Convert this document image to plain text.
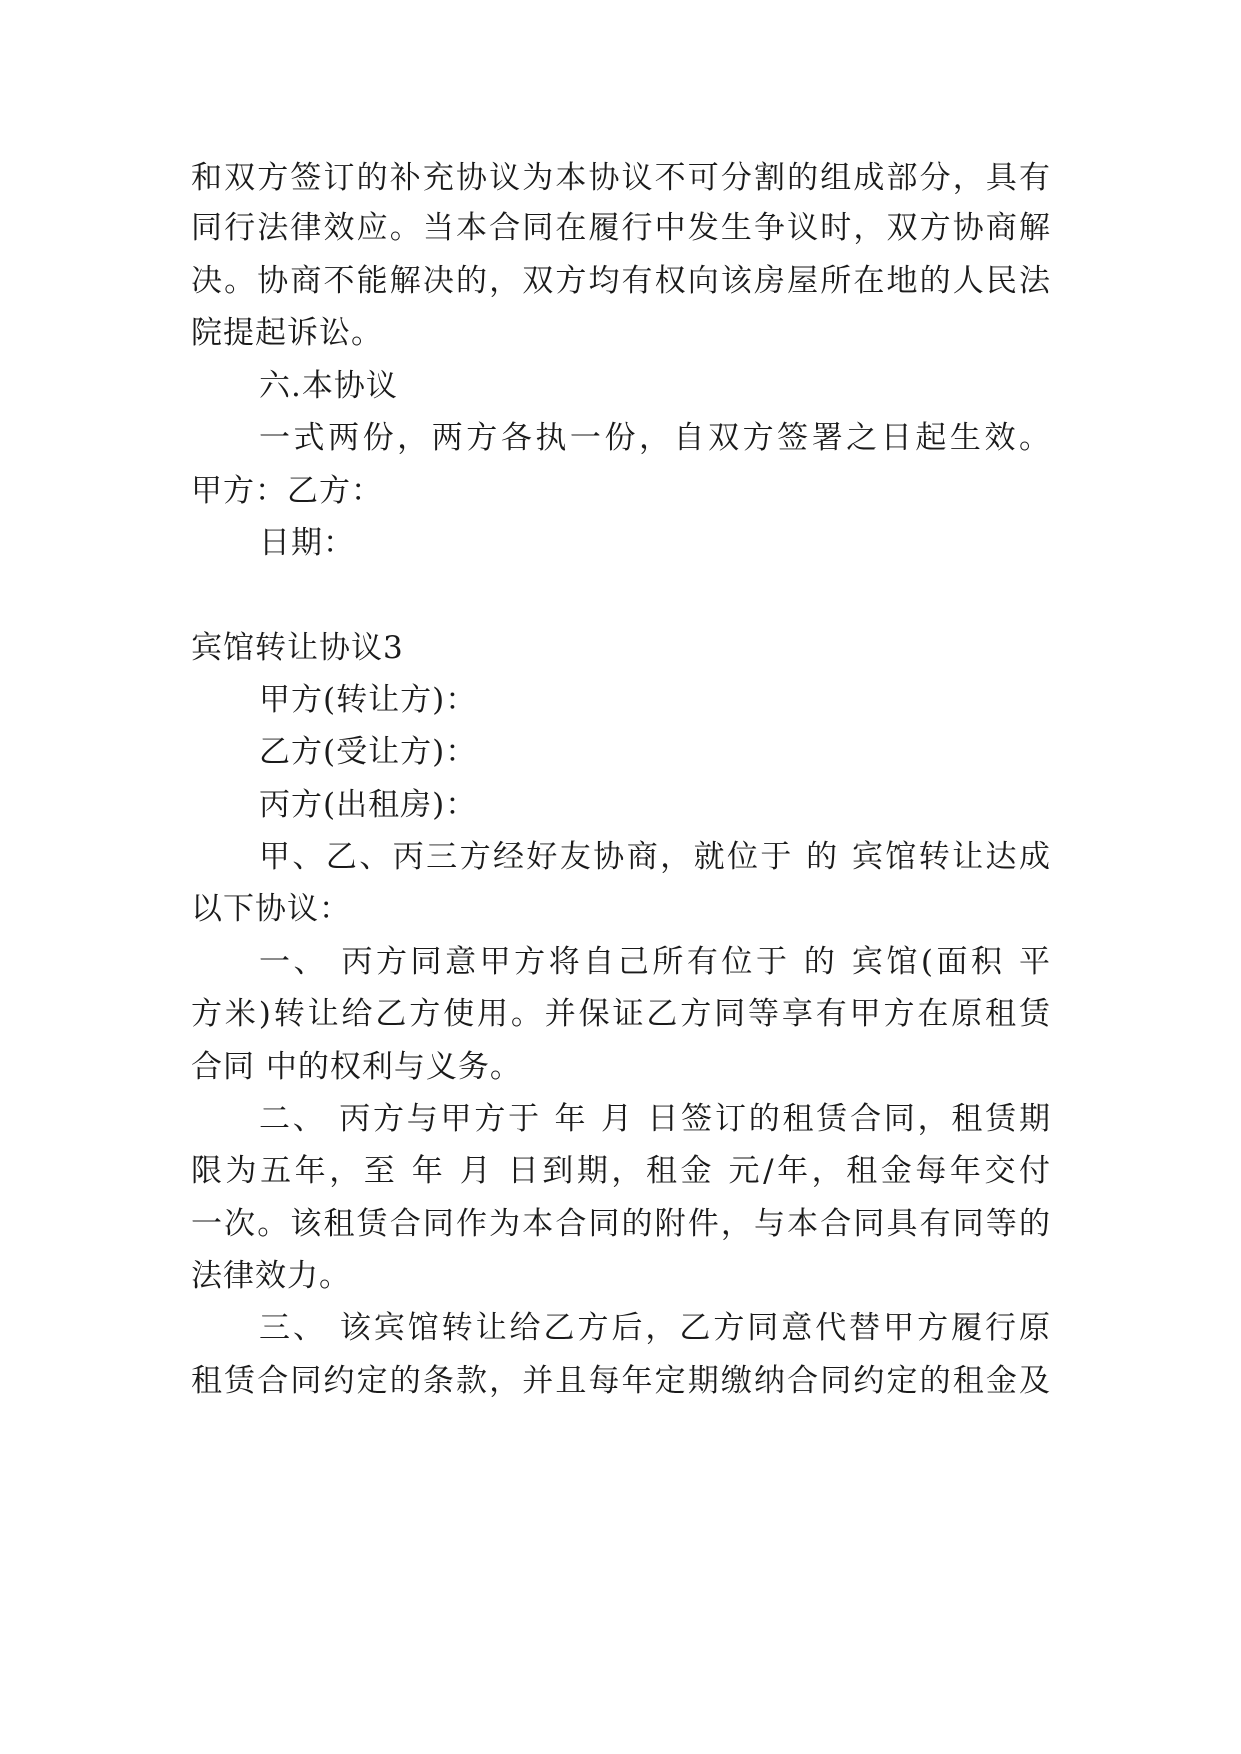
和双方签订的补充协议为本协议不可分割的组成部分，具有
同行法律效应。当本合同在履行中发生争议时，双方协商解
决。协商不能解决的，双方均有权向该房屋所在地的人民法
院提起诉讼。
六.本协议
一式两份，两方各执一份，自双方签署之日起生效。
甲方：乙方：
日期：
宾馆转让协议3
甲方(转让方)：
乙方(受让方)：
丙方(出租房)：
甲、乙、丙三方经好友协商，就位于 的 宾馆转让达成
以下协议：
一、 丙方同意甲方将自己所有位于 的 宾馆(面积 平
方米)转让给乙方使用。并保证乙方同等享有甲方在原租赁
合同 中的权利与义务。
二、 丙方与甲方于 年 月 日签订的租赁合同，租赁期
限为五年，至 年 月 日到期，租金 元/年，租金每年交付
一次。该租赁合同作为本合同的附件，与本合同具有同等的
法律效力。
三、 该宾馆转让给乙方后，乙方同意代替甲方履行原
租赁合同约定的条款，并且每年定期缴纳合同约定的租金及
